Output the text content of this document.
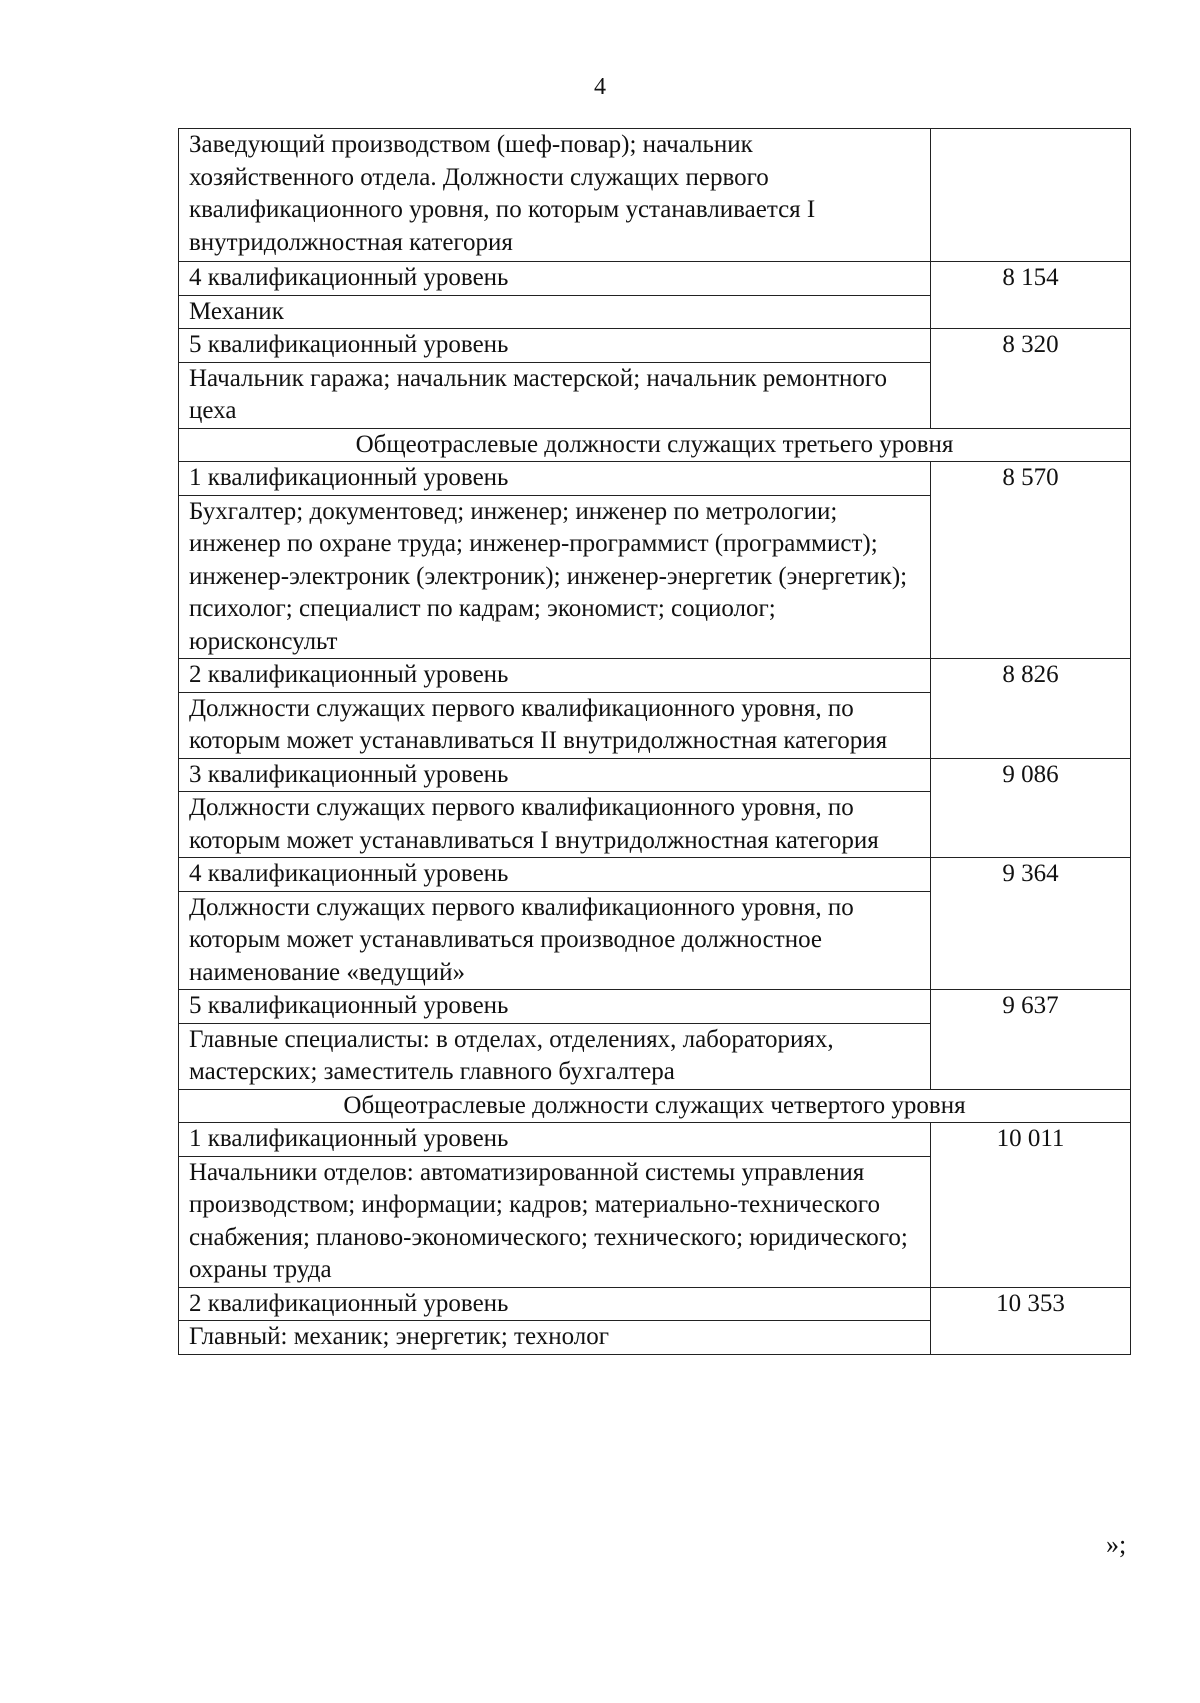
4
Заведующий производством (шеф-повар); начальник хозяйственного отдела. Должности служащих первого квалификационного уровня, по которым устанавливается I внутридолжностная категория	
4 квалификационный уровень	8 154
Механик	
5 квалификационный уровень	8 320
Начальник гаража; начальник мастерской; начальник ремонтного цеха	
Общеотраслевые должности служащих третьего уровня	
1 квалификационный уровень	8 570
Бухгалтер; документовед; инженер; инженер по метрологии; инженер по охране труда; инженер-программист (программист); инженер-электроник (электроник); инженер-энергетик (энергетик); психолог; специалист по кадрам; экономист; социолог; юрисконсульт	
2 квалификационный уровень	8 826
Должности служащих первого квалификационного уровня, по которым может устанавливаться II внутридолжностная категория	
3 квалификационный уровень	9 086
Должности служащих первого квалификационного уровня, по которым может устанавливаться I внутридолжностная категория	
4 квалификационный уровень	9 364
Должности служащих первого квалификационного уровня, по которым может устанавливаться производное должностное наименование «ведущий»	
5 квалификационный уровень	9 637
Главные специалисты: в отделах, отделениях, лабораториях, мастерских; заместитель главного бухгалтера	
Общеотраслевые должности служащих четвертого уровня	
1 квалификационный уровень	10 011
Начальники отделов: автоматизированной системы управления производством; информации; кадров; материально-технического снабжения; планово-экономического; технического; юридического; охраны труда	
2 квалификационный уровень	10 353
Главный: механик; энергетик; технолог	
»;
